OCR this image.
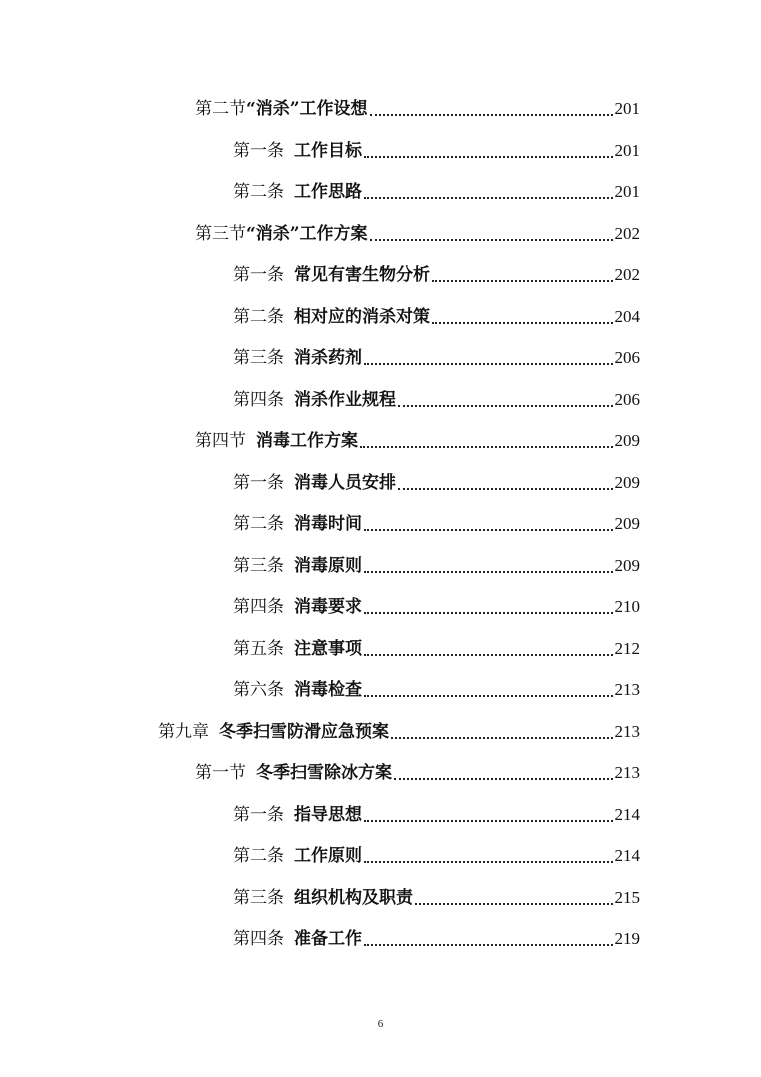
第二节 “消杀”工作设想	201
第一条 工作目标	201
第二条 工作思路	201
第三节 “消杀”工作方案	202
第一条 常见有害生物分析	202
第二条 相对应的消杀对策	204
第三条 消杀药剂	206
第四条 消杀作业规程	206
第四节 消毒工作方案	209
第一条 消毒人员安排	209
第二条 消毒时间	209
第三条 消毒原则	209
第四条 消毒要求	210
第五条 注意事项	212
第六条 消毒检查	213
第九章 冬季扫雪防滑应急预案	213
第一节 冬季扫雪除冰方案	213
第一条 指导思想	214
第二条 工作原则	214
第三条 组织机构及职责	215
第四条 准备工作	219
6
